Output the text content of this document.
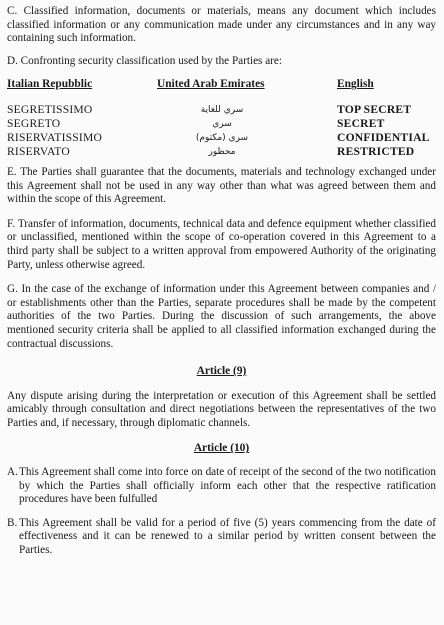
C. Classified information, documents or materials, means any document which includes classified information or any communication made under any circumstances and in any way containing such information.

D. Confronting security classification used by the Parties are:

Italian Repubblic	United Arab Emirates	English
SEGRETISSIMO	سري للغاية	TOP SECRET
SEGRETO	سري	SECRET
RISERVATISSIMO	سري (مكتوم)	CONFIDENTIAL
RISERVATO	محظور	RESTRICTED

E. The Parties shall guarantee that the documents, materials and technology exchanged under this Agreement shall not be used in any way other than what was agreed between them and within the scope of this Agreement.

F. Transfer of information, documents, technical data and defence equipment whether classified or unclassified, mentioned within the scope of co-operation covered in this Agreement to a third party shall be subject to a written approval from empowered Authority of the originating Party, unless otherwise agreed.

G. In the case of the exchange of information under this Agreement between companies and / or establishments other than the Parties, separate procedures shall be made by the competent authorities of the two Parties. During the discussion of such arrangements, the above mentioned security criteria shall be applied to all classified information exchanged during the contractual discussions.

Article (9)

Any dispute arising during the interpretation or execution of this Agreement shall be settled amicably through consultation and direct negotiations between the representatives of the two Parties and, if necessary, through diplomatic channels.

Article (10)
A. This Agreement shall come into force on date of receipt of the second of the two notification by which the Parties shall officially inform each other that the respective ratification procedures have been fulfulled
B. This Agreement shall be valid for a period of five (5) years commencing from the date of effectiveness and it can be renewed to a similar period by written consent between the Parties.
